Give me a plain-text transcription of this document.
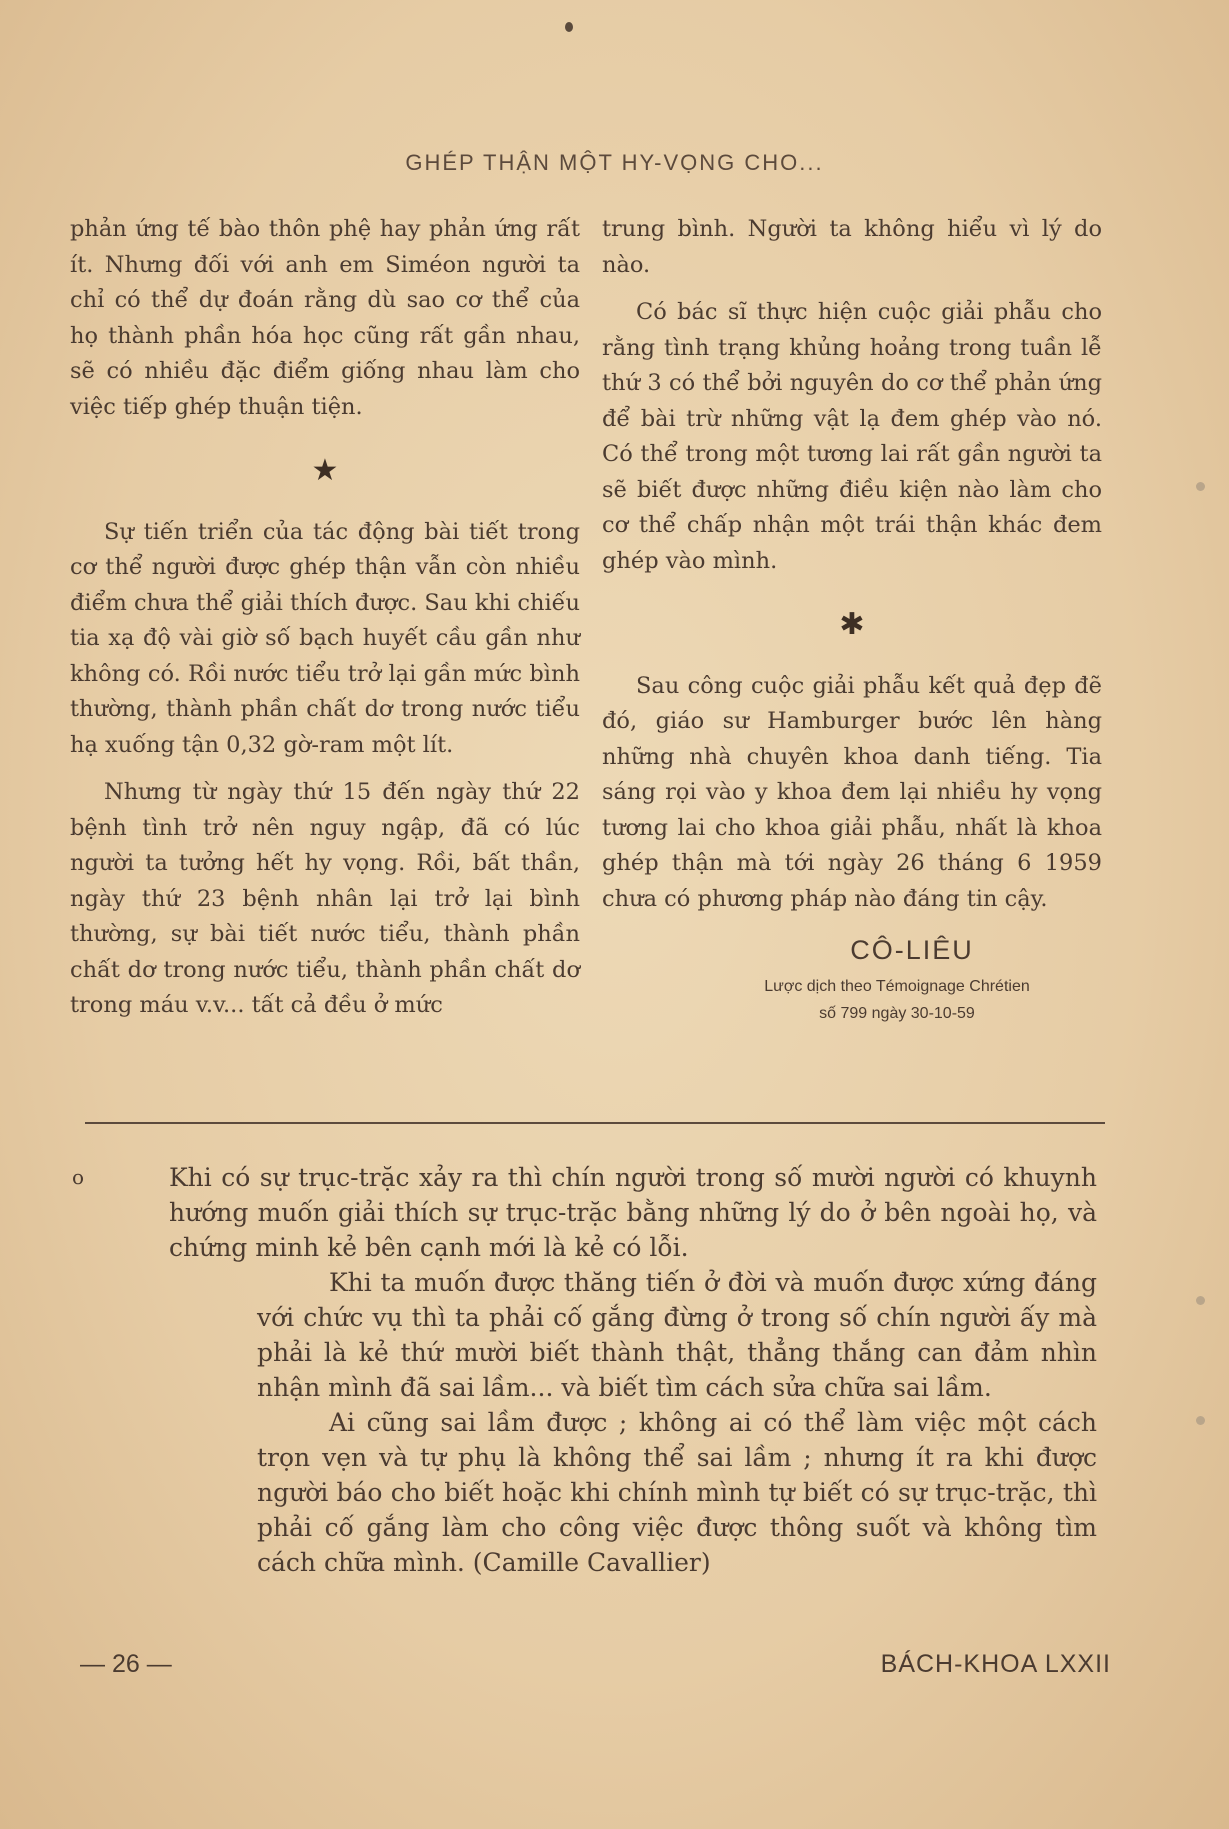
GHÉP THẬN MỘT HY-VỌNG CHO...

phản ứng tế bào thôn phệ hay phản ứng rất ít. Nhưng đối với anh em Siméon người ta chỉ có thể dự đoán rằng dù sao cơ thể của họ thành phần hóa học cũng rất gần nhau, sẽ có nhiều đặc điểm giống nhau làm cho việc tiếp ghép thuận tiện.

★

Sự tiến triển của tác động bài tiết trong cơ thể người được ghép thận vẫn còn nhiều điểm chưa thể giải thích được. Sau khi chiếu tia xạ độ vài giờ số bạch huyết cầu gần như không có. Rồi nước tiểu trở lại gần mức bình thường, thành phần chất dơ trong nước tiểu hạ xuống tận 0,32 gờ-ram một lít.

Nhưng từ ngày thứ 15 đến ngày thứ 22 bệnh tình trở nên nguy ngập, đã có lúc người ta tưởng hết hy vọng. Rồi, bất thần, ngày thứ 23 bệnh nhân lại trở lại bình thường, sự bài tiết nước tiểu, thành phần chất dơ trong nước tiểu, thành phần chất dơ trong máu v.v... tất cả đều ở mức

trung bình. Người ta không hiểu vì lý do nào.

Có bác sĩ thực hiện cuộc giải phẫu cho rằng tình trạng khủng hoảng trong tuần lễ thứ 3 có thể bởi nguyên do cơ thể phản ứng để bài trừ những vật lạ đem ghép vào nó. Có thể trong một tương lai rất gần người ta sẽ biết được những điều kiện nào làm cho cơ thể chấp nhận một trái thận khác đem ghép vào mình.

✱

Sau công cuộc giải phẫu kết quả đẹp đẽ đó, giáo sư Hamburger bước lên hàng những nhà chuyên khoa danh tiếng. Tia sáng rọi vào y khoa đem lại nhiều hy vọng tương lai cho khoa giải phẫu, nhất là khoa ghép thận mà tới ngày 26 tháng 6 1959 chưa có phương pháp nào đáng tin cậy.

CÔ-LIÊU
Lược dịch theo Témoignage Chrétien
số 799 ngày 30-10-59
o	Khi có sự trục-trặc xảy ra thì chín người trong số mười người có khuynh hướng muốn giải thích sự trục-trặc bằng những lý do ở bên ngoài họ, và chứng minh kẻ bên cạnh mới là kẻ có lỗi.

Khi ta muốn được thăng tiến ở đời và muốn được xứng đáng với chức vụ thì ta phải cố gắng đừng ở trong số chín người ấy mà phải là kẻ thứ mười biết thành thật, thẳng thắng can đảm nhìn nhận mình đã sai lầm... và biết tìm cách sửa chữa sai lầm.

Ai cũng sai lầm được ; không ai có thể làm việc một cách trọn vẹn và tự phụ là không thể sai lầm ; nhưng ít ra khi được người báo cho biết hoặc khi chính mình tự biết có sự trục-trặc, thì phải cố gắng làm cho công việc được thông suốt và không tìm cách chữa mình. (Camille Cavallier)

— 26 —	BÁCH-KHOA LXXII
